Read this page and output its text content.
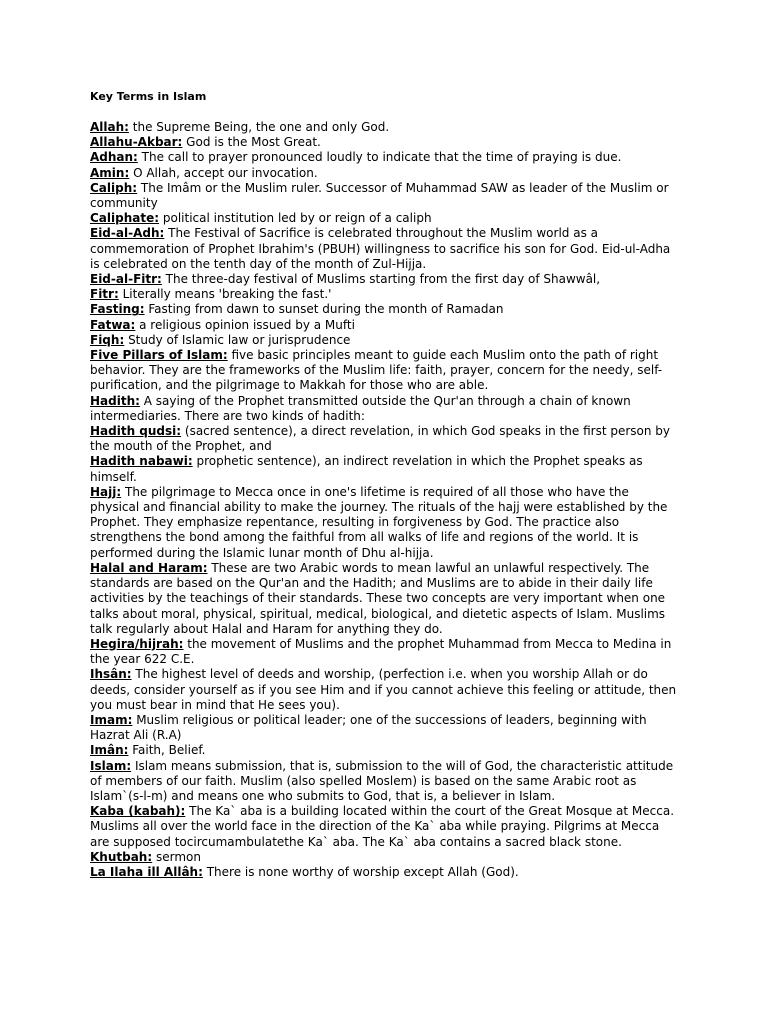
Key Terms in Islam

Allah: the Supreme Being, the one and only God.

Allahu-Akbar: God is the Most Great.

Adhan: The call to prayer pronounced loudly to indicate that the time of praying is due.

Amin: O Allah, accept our invocation.

Caliph: The Imâm or the Muslim ruler. Successor of Muhammad SAW as leader of the Muslim or community

Caliphate: political institution led by or reign of a caliph

Eid-al-Adh: The Festival of Sacrifice is celebrated throughout the Muslim world as a commemoration of Prophet Ibrahim's (PBUH) willingness to sacrifice his son for God. Eid-ul-Adha is celebrated on the tenth day of the month of Zul-Hijja.

Eid-al-Fitr: The three-day festival of Muslims starting from the first day of Shawwâl,

Fitr: Literally means 'breaking the fast.'

Fasting: Fasting from dawn to sunset during the month of Ramadan

Fatwa: a religious opinion issued by a Mufti

Fiqh: Study of Islamic law or jurisprudence

Five Pillars of Islam: five basic principles meant to guide each Muslim onto the path of right behavior. They are the frameworks of the Muslim life: faith, prayer, concern for the needy, self-purification, and the pilgrimage to Makkah for those who are able.

Hadith: A saying of the Prophet transmitted outside the Qur'an through a chain of known intermediaries. There are two kinds of hadith:

Hadith qudsi: (sacred sentence), a direct revelation, in which God speaks in the first person by the mouth of the Prophet, and

Hadith nabawi: prophetic sentence), an indirect revelation in which the Prophet speaks as himself.

Hajj: The pilgrimage to Mecca once in one's lifetime is required of all those who have the physical and financial ability to make the journey. The rituals of the hajj were established by the Prophet. They emphasize repentance, resulting in forgiveness by God. The practice also strengthens the bond among the faithful from all walks of life and regions of the world. It is performed during the Islamic lunar month of Dhu al-hijja.

Halal and Haram: These are two Arabic words to mean lawful an unlawful respectively. The standards are based on the Qur'an and the Hadith; and Muslims are to abide in their daily life activities by the teachings of their standards. These two concepts are very important when one talks about moral, physical, spiritual, medical, biological, and dietetic aspects of Islam. Muslims talk regularly about Halal and Haram for anything they do.

Hegira/hijrah: the movement of Muslims and the prophet Muhammad from Mecca to Medina in the year 622 C.E.

Ihsân: The highest level of deeds and worship, (perfection i.e. when you worship Allah or do deeds, consider yourself as if you see Him and if you cannot achieve this feeling or attitude, then you must bear in mind that He sees you).

Imam: Muslim religious or political leader; one of the successions of leaders, beginning with Hazrat Ali (R.A)

Imân: Faith, Belief.

Islam: Islam means submission, that is, submission to the will of God, the characteristic attitude of members of our faith. Muslim (also spelled Moslem) is based on the same Arabic root as Islam`(s-l-m) and means one who submits to God, that is, a believer in Islam.

Kaba (kabah): The Ka` aba is a building located within the court of the Great Mosque at Mecca. Muslims all over the world face in the direction of the Ka` aba while praying. Pilgrims at Mecca are supposed tocircumambulatethe Ka` aba. The Ka` aba contains a sacred black stone.

Khutbah: sermon

La Ilaha ill Allâh: There is none worthy of worship except Allah (God).
